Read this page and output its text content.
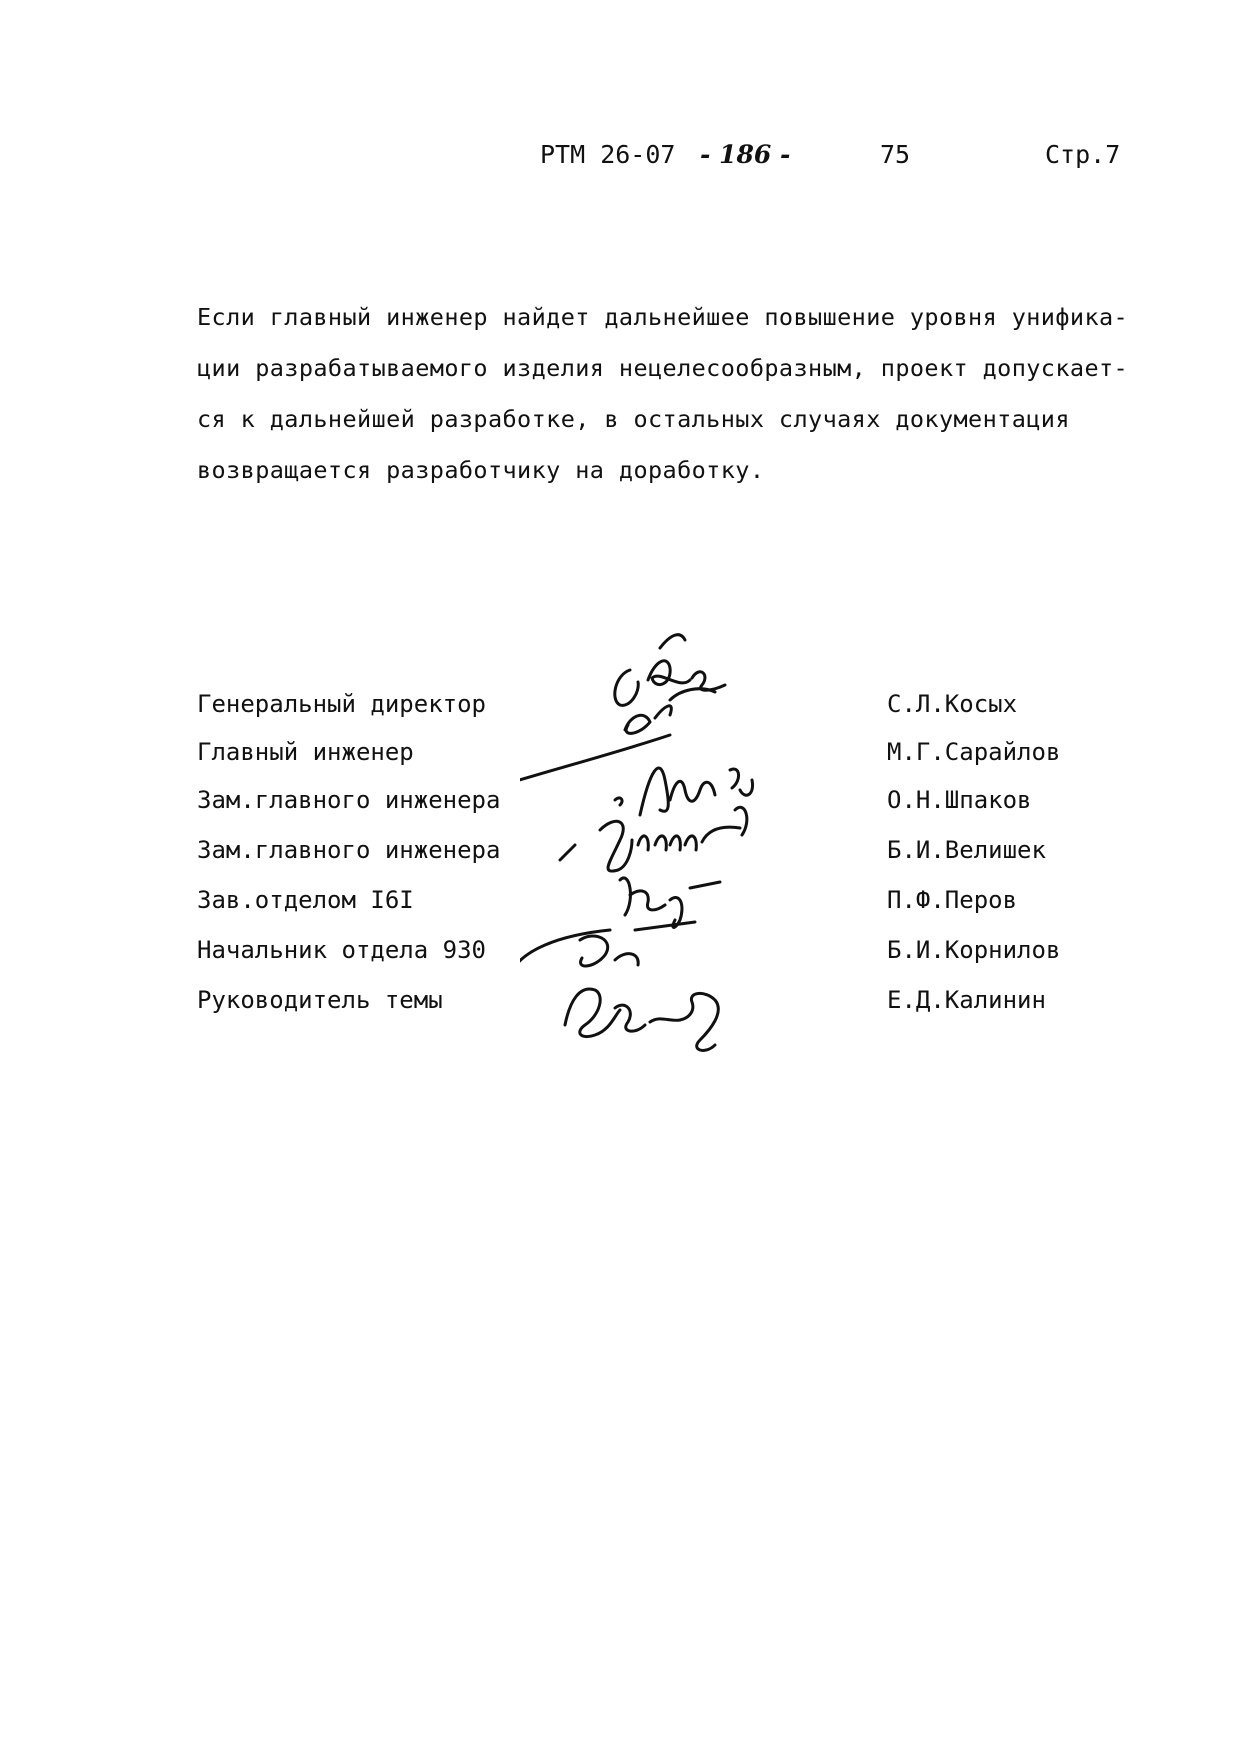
РТМ 26-07 - 186 -	75	Стр.7
Если главный инженер найдет дальнейшее повышение уровня унифика-
ции разрабатываемого изделия нецелесообразным, проект допускает-
ся к дальнейшей разработке, в остальных случаях документация
возвращается разработчику на доработку.
Генеральный директор	С.Л.Косых
Главный инженер	М.Г.Сарайлов
Зам.главного инженера	О.Н.Шпаков
Зам.главного инженера	Б.И.Велишек
Зав.отделом I6I	П.Ф.Перов
Начальник отдела 930	Б.И.Корнилов
Руководитель темы	Е.Д.Калинин
